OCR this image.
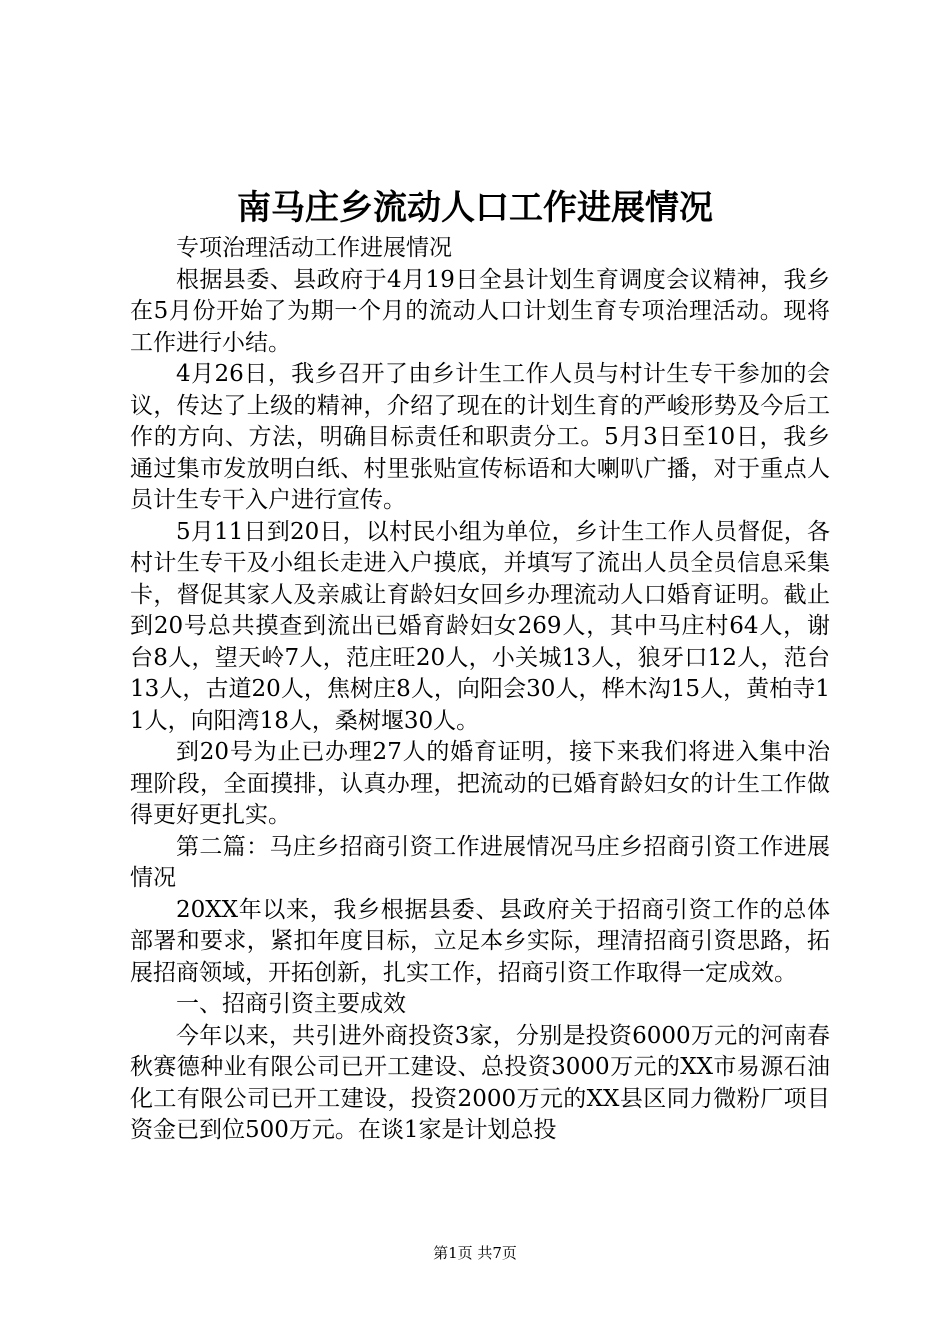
南马庄乡流动人口工作进展情况

专项治理活动工作进展情况

根据县委、县政府于4月19日全县计划生育调度会议精神，我乡在5月份开始了为期一个月的流动人口计划生育专项治理活动。现将工作进行小结。

4月26日，我乡召开了由乡计生工作人员与村计生专干参加的会议，传达了上级的精神，介绍了现在的计划生育的严峻形势及今后工作的方向、方法，明确目标责任和职责分工。5月3日至10日，我乡通过集市发放明白纸、村里张贴宣传标语和大喇叭广播，对于重点人员计生专干入户进行宣传。

5月11日到20日，以村民小组为单位，乡计生工作人员督促，各村计生专干及小组长走进入户摸底，并填写了流出人员全员信息采集卡，督促其家人及亲戚让育龄妇女回乡办理流动人口婚育证明。截止到20号总共摸查到流出已婚育龄妇女269人，其中马庄村64人，谢台8人，望天岭7人，范庄旺20人，小关城13人，狼牙口12人，范台13人，古道20人，焦树庄8人，向阳会30人，桦木沟15人，黄柏寺11人，向阳湾18人，桑树堰30人。

到20号为止已办理27人的婚育证明，接下来我们将进入集中治理阶段，全面摸排，认真办理，把流动的已婚育龄妇女的计生工作做得更好更扎实。

第二篇：马庄乡招商引资工作进展情况马庄乡招商引资工作进展情况

20XX年以来，我乡根据县委、县政府关于招商引资工作的总体部署和要求，紧扣年度目标，立足本乡实际，理清招商引资思路，拓展招商领域，开拓创新，扎实工作，招商引资工作取得一定成效。

一、招商引资主要成效

今年以来，共引进外商投资3家，分别是投资6000万元的河南春秋赛德种业有限公司已开工建设、总投资3000万元的XX市易源石油化工有限公司已开工建设，投资2000万元的XX县区同力微粉厂项目资金已到位500万元。在谈1家是计划总投

第1页 共7页
